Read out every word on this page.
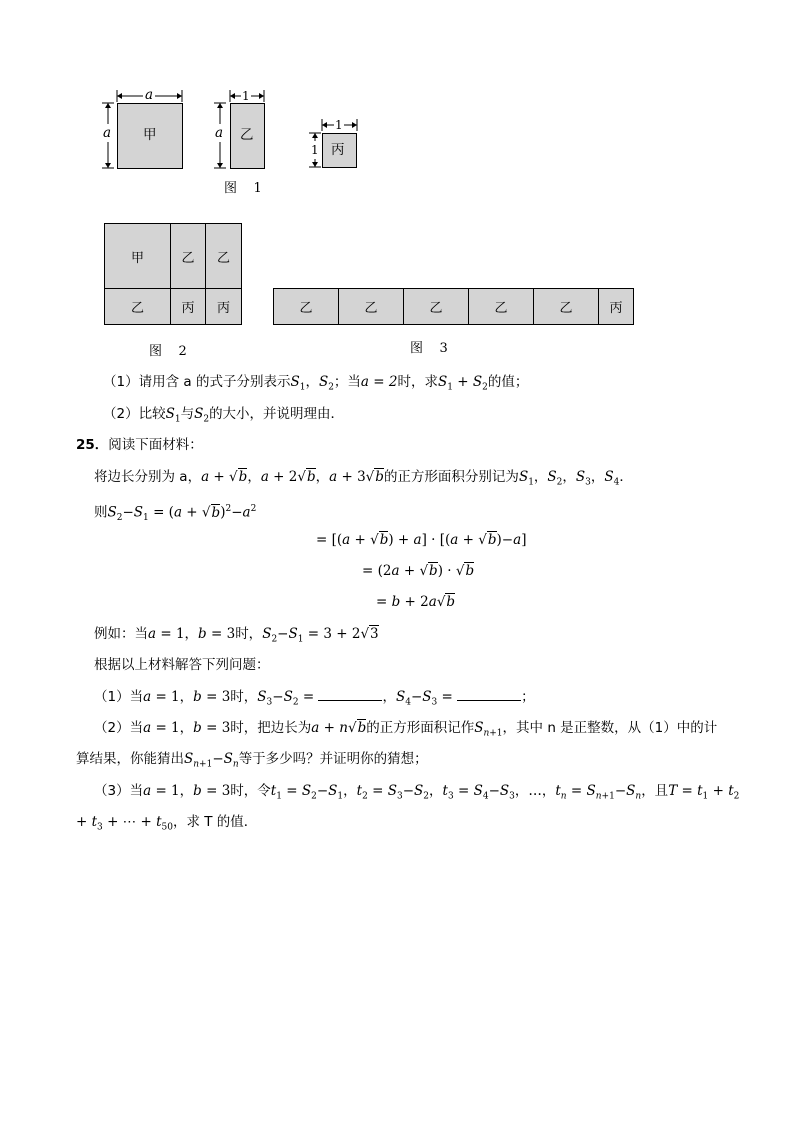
a
a 甲
1
a 乙
1
1 丙
图    1
甲	乙	乙
乙	丙	丙
图    2
乙	乙	乙	乙	乙	丙
图    3
（1）请用含 a 的式子分别表示$S_1$，$S_2$；当a = 2时，求$S_1 + S_2$的值；
（2）比较$S_1$与$S_2$的大小，并说明理由．
25．阅读下面材料：
将边长分别为 a，a + √b，a + 2√b，a + 3√b的正方形面积分别记为$S_1$，$S_2$，$S_3$，$S_4$．
则$S_2-S_1 = (a + √b)^2-a^2$
= [(a + √b) + a] · [(a + √b)−a]
= (2a + √b) · √b
= b + 2a√b
例如：当a = 1，b = 3时，$S_2-S_1 = 3 + 2√3$
根据以上材料解答下列问题：
（1）当a = 1，b = 3时，$S_3-S_2$ =	，$S_4-S_3$ =	；
（2）当a = 1，b = 3时，把边长为a + n√b的正方形面积记作$S_{n+1}$，其中 n 是正整数，从（1）中的计
算结果，你能猜出$S_{n+1}-S_n$等于多少吗？并证明你的猜想；
（3）当a = 1，b = 3时，令$t_1 = S_2-S_1$，$t_2 = S_3-S_2$，$t_3 = S_4-S_3$，…，$t_n = S_{n+1}-S_n$，且$T = t_1 + t_2$
+ $t_3$ + ⋯ + $t_{50}$，求 T 的值．
